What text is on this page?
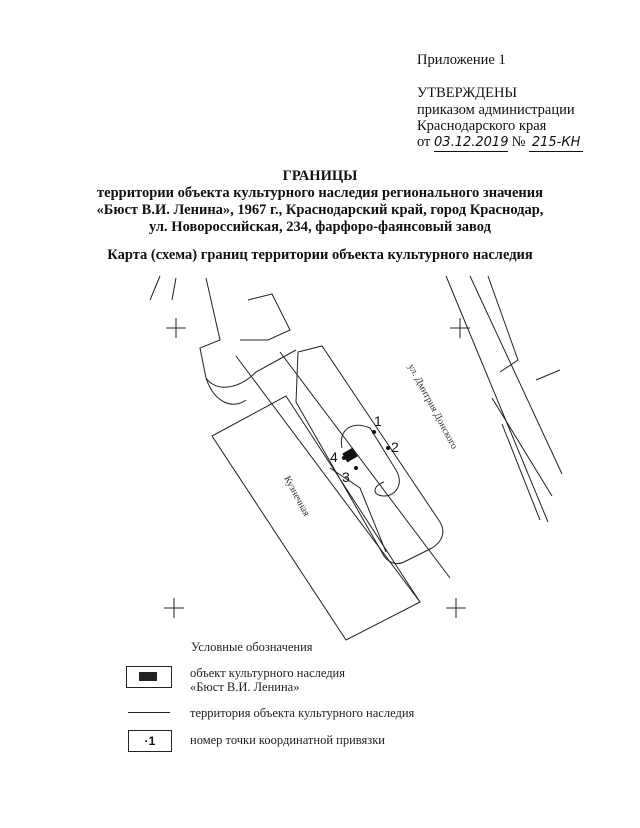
Приложение 1
УТВЕРЖДЕНЫ
приказом администрации
Краснодарского края
от 03.12.2019 № 215-КН
ГРАНИЦЫ
территории объекта культурного наследия регионального значения
«Бюст В.И. Ленина», 1967 г., Краснодарский край, город Краснодар,
ул. Новороссийская, 234, фарфоро-фаянсовый завод
Карта (схема) границ территории объекта культурного наследия
1
2
3
4
ул. Дмитрия Донского
Кузнечная
Условные обозначения
объект культурного наследия
«Бюст В.И. Ленина»
территория объекта культурного наследия
·1	номер точки координатной привязки
